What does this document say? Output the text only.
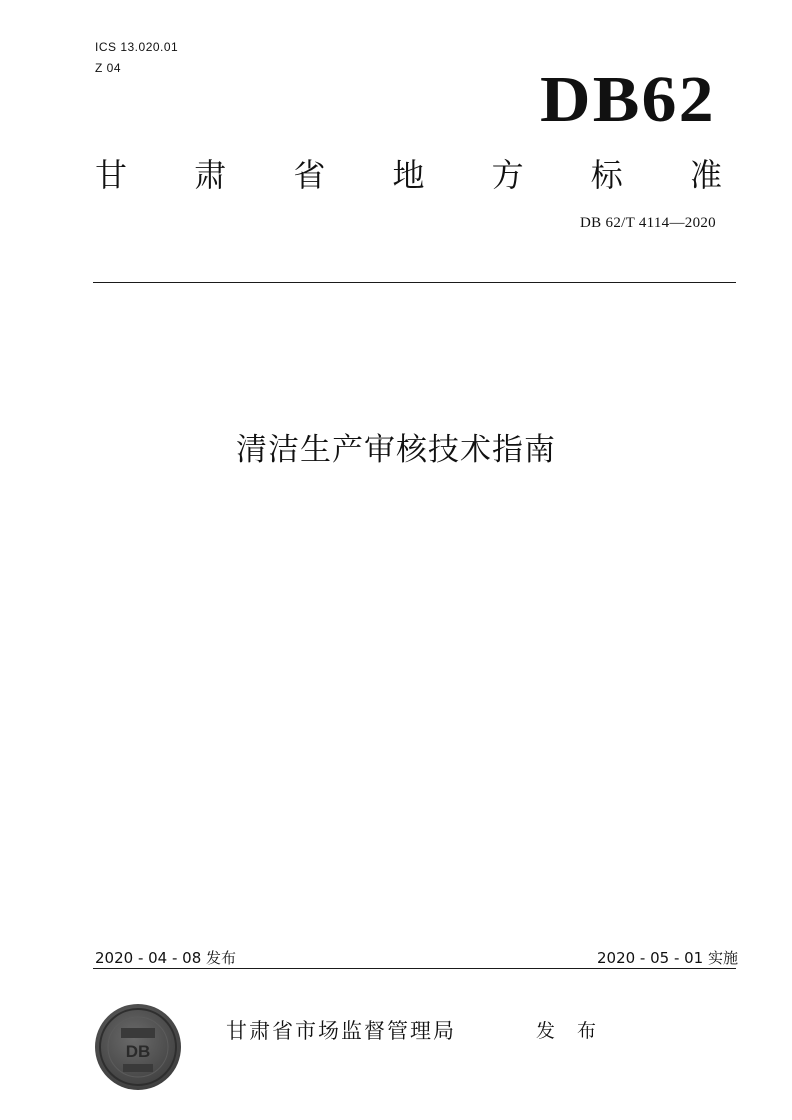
ICS 13.020.01
Z 04	DB62
甘 肃 省 地 方 标 准
DB 62/T 4114—2020
清洁生产审核技术指南
2020 - 04 - 08 发布	2020 - 05 - 01 实施
DB
甘肃省市场监督管理局	发 布
